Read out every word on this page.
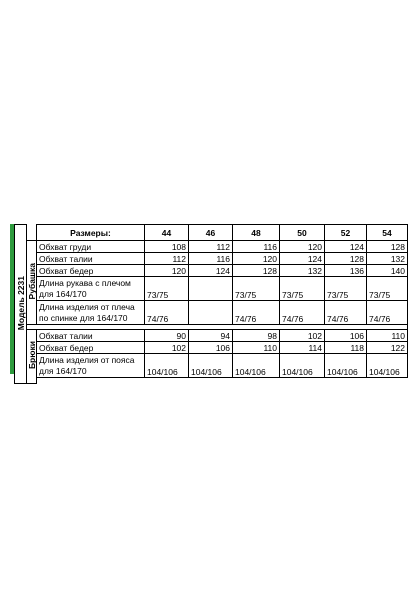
Модель 2231		Размеры:	44	46	48	50	52	54
	Рубашка	Обхват груди	108	112	116	120	124	128
		Обхват талии	112	116	120	124	128	132
		Обхват бедер	120	124	128	132	136	140
		Длина рукава с плечом
для 164/170	73/75		73/75	73/75	73/75	73/75
		Длина изделия от плеча
по спинке для 164/170	74/76		74/76	74/76	74/76	74/76

	Брюки	Обхват талии	90	94	98	102	106	110
		Обхват бедер	102	106	110	114	118	122
		Длина изделия от пояса
для 164/170	104/106	104/106	104/106	104/106	104/106	104/106
